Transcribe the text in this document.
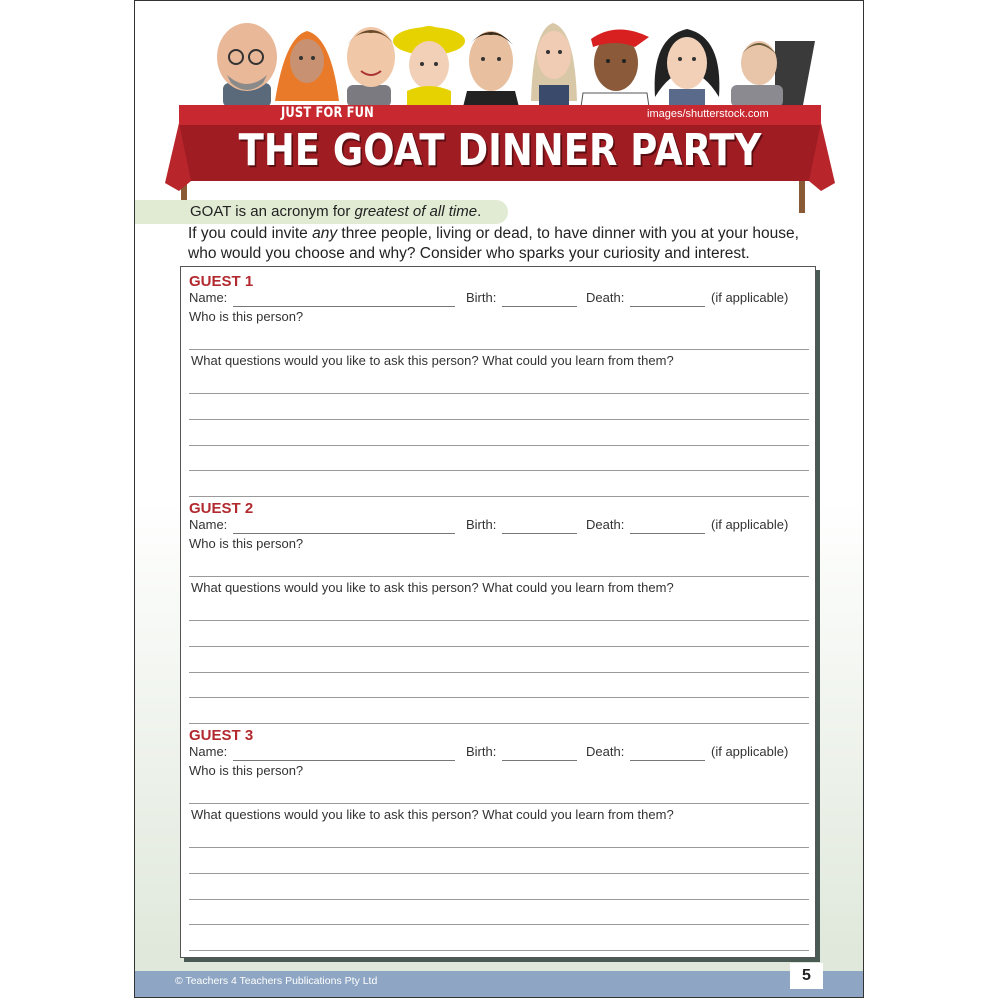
JUST FOR FUN	images/shutterstock.com
THE GOAT DINNER PARTY
GOAT is an acronym for greatest of all time.
If you could invite any three people, living or dead, to have dinner with you at your house, who would you choose and why? Consider who sparks your curiosity and interest.
GUEST 1
Name:	Birth:	Death:	(if applicable)
Who is this person?
What questions would you like to ask this person? What could you learn from them?
GUEST 2
Name:	Birth:	Death:	(if applicable)
Who is this person?
What questions would you like to ask this person? What could you learn from them?
GUEST 3
Name:	Birth:	Death:	(if applicable)
Who is this person?
What questions would you like to ask this person? What could you learn from them?
© Teachers 4 Teachers Publications Pty Ltd	5
